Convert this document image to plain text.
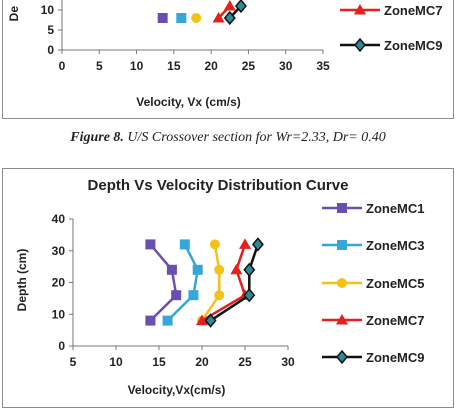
Figure 8. U/S Crossover section for Wr=2.33, Dr= 0.40
0	5 10 15 20 25 30 35
0
5
10
Velocity, Vx (cm/s)
De	ZoneMC7
ZoneMC9
Depth Vs Velocity Distribution Curve
5	10 15 20 25 30
0
10
20
30
40
Velocity,Vx(cm/s)
Depth (cm)
ZoneMC1
ZoneMC3
ZoneMC5
ZoneMC7
ZoneMC9
